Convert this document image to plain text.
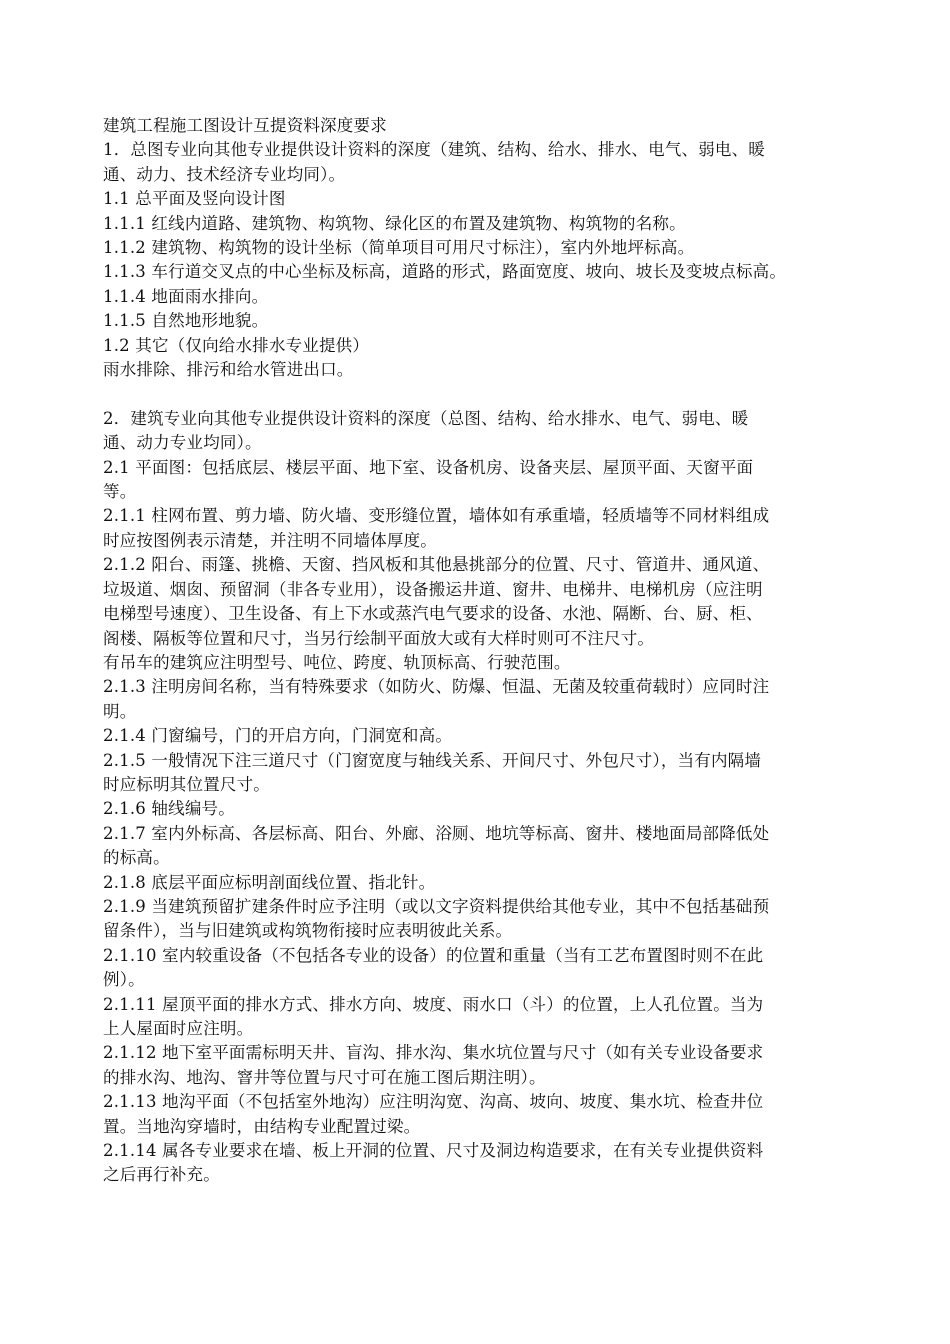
建筑工程施工图设计互提资料深度要求
1．总图专业向其他专业提供设计资料的深度（建筑、结构、给水、排水、电气、弱电、暖
通、动力、技术经济专业均同）。
1.1 总平面及竖向设计图
1.1.1 红线内道路、建筑物、构筑物、绿化区的布置及建筑物、构筑物的名称。
1.1.2 建筑物、构筑物的设计坐标（简单项目可用尺寸标注），室内外地坪标高。
1.1.3 车行道交叉点的中心坐标及标高，道路的形式，路面宽度、坡向、坡长及变坡点标高。
1.1.4 地面雨水排向。
1.1.5 自然地形地貌。
1.2 其它（仅向给水排水专业提供）
雨水排除、排污和给水管进出口。
2．建筑专业向其他专业提供设计资料的深度（总图、结构、给水排水、电气、弱电、暖
通、动力专业均同）。
2.1 平面图：包括底层、楼层平面、地下室、设备机房、设备夹层、屋顶平面、天窗平面
等。
2.1.1 柱网布置、剪力墙、防火墙、变形缝位置，墙体如有承重墙，轻质墙等不同材料组成
时应按图例表示清楚，并注明不同墙体厚度。
2.1.2 阳台、雨篷、挑檐、天窗、挡风板和其他悬挑部分的位置、尺寸、管道井、通风道、
垃圾道、烟囱、预留洞（非各专业用），设备搬运井道、窗井、电梯井、电梯机房（应注明
电梯型号速度）、卫生设备、有上下水或蒸汽电气要求的设备、水池、隔断、台、厨、柜、
阁楼、隔板等位置和尺寸，当另行绘制平面放大或有大样时则可不注尺寸。
有吊车的建筑应注明型号、吨位、跨度、轨顶标高、行驶范围。
2.1.3 注明房间名称，当有特殊要求（如防火、防爆、恒温、无菌及较重荷载时）应同时注
明。
2.1.4 门窗编号，门的开启方向，门洞宽和高。
2.1.5 一般情况下注三道尺寸（门窗宽度与轴线关系、开间尺寸、外包尺寸），当有内隔墙
时应标明其位置尺寸。
2.1.6 轴线编号。
2.1.7 室内外标高、各层标高、阳台、外廊、浴厕、地坑等标高、窗井、楼地面局部降低处
的标高。
2.1.8 底层平面应标明剖面线位置、指北针。
2.1.9 当建筑预留扩建条件时应予注明（或以文字资料提供给其他专业，其中不包括基础预
留条件），当与旧建筑或构筑物衔接时应表明彼此关系。
2.1.10 室内较重设备（不包括各专业的设备）的位置和重量（当有工艺布置图时则不在此
例）。
2.1.11 屋顶平面的排水方式、排水方向、坡度、雨水口（斗）的位置，上人孔位置。当为
上人屋面时应注明。
2.1.12 地下室平面需标明天井、盲沟、排水沟、集水坑位置与尺寸（如有关专业设备要求
的排水沟、地沟、窨井等位置与尺寸可在施工图后期注明）。
2.1.13 地沟平面（不包括室外地沟）应注明沟宽、沟高、坡向、坡度、集水坑、检查井位
置。当地沟穿墙时，由结构专业配置过梁。
2.1.14 属各专业要求在墙、板上开洞的位置、尺寸及洞边构造要求，在有关专业提供资料
之后再行补充。
